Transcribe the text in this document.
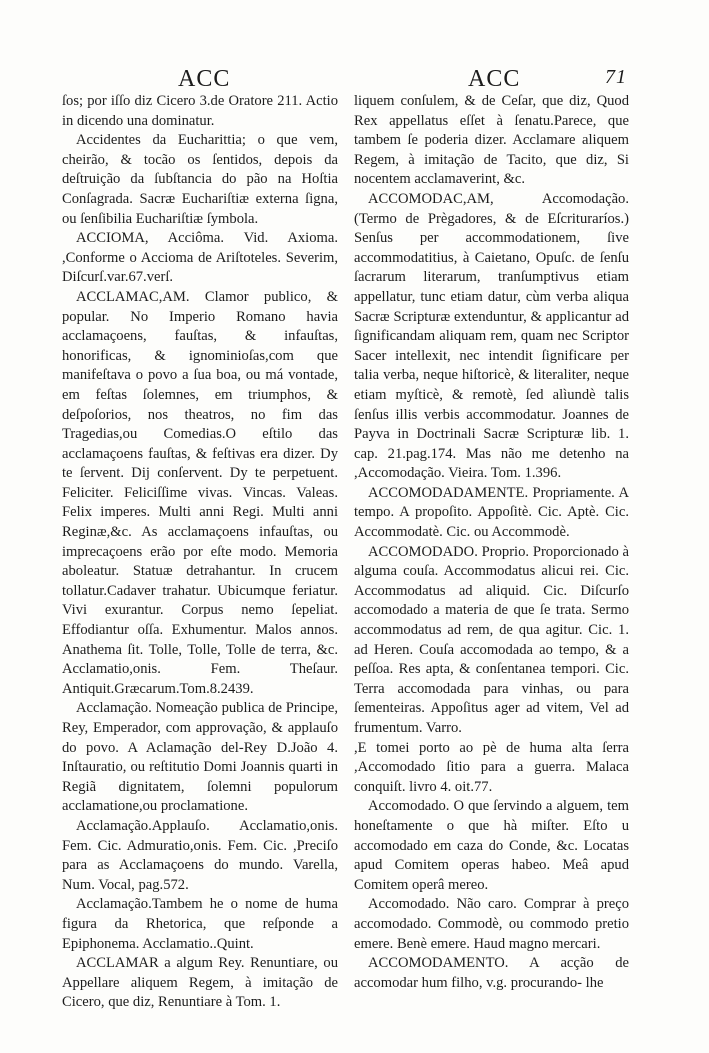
ACC	ACC	71

ſos; por iſſo diz Cicero 3.de Oratore 211. Actio in dicendo una dominatur.

Accidentes da Eucharittia; o que vem, cheirão, & tocão os ſentidos, depois da deſtruição da ſubſtancia do pão na Hoſtia Conſagrada. Sacræ Euchariſtiæ externa ſigna, ou ſenſibilia Euchariſtiæ ſymbola.

ACCIOMA, Acciôma. Vid. Axioma. ,Conforme o Accioma de Ariſtoteles. Severim, Diſcurſ.var.67.verſ.

ACCLAMAC,AM. Clamor publico, & popular. No Imperio Romano havia acclamaçoens, fauſtas, & infauſtas, honorificas, & ignominioſas,com que manifeſtava o povo a ſua boa, ou má vontade, em feſtas ſolemnes, em triumphos, & deſpoſorios, nos theatros, no fim das Tragedias,ou Comedias.O eſtilo das acclamaçoens fauſtas, & feſtivas era dizer. Dy te ſervent. Dij conſervent. Dy te perpetuent. Feliciter. Feliciſſime vivas. Vincas. Valeas. Felix imperes. Multi anni Regi. Multi anni Reginæ,&c. As acclamaçoens infauſtas, ou imprecaçoens erão por eſte modo. Memoria aboleatur. Statuæ detrahantur. In crucem tollatur.Cadaver trahatur. Ubicumque feriatur. Vivi exurantur. Corpus nemo ſepeliat. Effodiantur oſſa. Exhumentur. Malos annos. Anathema ſit. Tolle, Tolle, Tolle de terra, &c. Acclamatio,onis. Fem. Theſaur. Antiquit.Græcarum.Tom.8.2439.

Acclamação. Nomeação publica de Principe, Rey, Emperador, com approvação, & applauſo do povo. A Aclamação del-Rey D.João 4. Inſtauratio, ou reſtitutio Domi Joannis quarti in Regiã dignitatem, ſolemni populorum acclamatione,ou proclamatione.

Acclamação.Applauſo. Acclamatio,onis. Fem. Cic. Admuratio,onis. Fem. Cic. ,Preciſo para as Acclamaçoens do mundo. Varella, Num. Vocal, pag.572.

Acclamação.Tambem he o nome de huma figura da Rhetorica, que reſponde a Epiphonema. Acclamatio..Quint.

ACCLAMAR a algum Rey. Renuntiare, ou Appellare aliquem Regem, à imitação de Cicero, que diz, Renuntiare à Tom. 1.

liquem conſulem, & de Ceſar, que diz, Quod Rex appellatus eſſet à ſenatu.Parece, que tambem ſe poderia dizer. Acclamare aliquem Regem, à imitação de Tacito, que diz, Si nocentem acclamaverint, &c.

ACCOMODAC,AM, Accomodação. (Termo de Prègadores, & de Eſcrituraríos.) Senſus per accommodationem, ſive accommodatitius, à Caietano, Opuſc. de ſenſu ſacrarum literarum, tranſumptivus etiam appellatur, tunc etiam datur, cùm verba aliqua Sacræ Scripturæ extenduntur, & applicantur ad ſignificandam aliquam rem, quam nec Scriptor Sacer intellexit, nec intendit ſignificare per talia verba, neque hiſtoricè, & literaliter, neque etiam myſticè, & remotè, ſed alìundè talis ſenſus illis verbis accommodatur. Joannes de Payva in Doctrinali Sacræ Scripturæ lib. 1. cap. 21.pag.174. Mas não me detenho na ,Accomodação. Vieira. Tom. 1.396.

ACCOMODADAMENTE. Propriamente. A tempo. A propoſito. Appoſitè. Cic. Aptè. Cic. Accommodatè. Cic. ou Accommodè.

ACCOMODADO. Proprio. Proporcionado à alguma couſa. Accommodatus alicui rei. Cic. Accommodatus ad aliquid. Cic. Diſcurſo accomodado a materia de que ſe trata. Sermo accommodatus ad rem, de qua agitur. Cic. 1. ad Heren. Couſa accomodada ao tempo, & a peſſoa. Res apta, & conſentanea tempori. Cic. Terra accomodada para vinhas, ou para ſementeiras. Appoſitus ager ad vitem, Vel ad frumentum. Varro.

,E tomei porto ao pè de huma alta ſerra ,Accomodado ſitio para a guerra. Malaca conquiſt. livro 4. oit.77.

Accomodado. O que ſervindo a alguem, tem honeſtamente o que hà miſter. Eſto u accomodado em caza do Conde, &c. Locatas apud Comitem operas habeo. Meâ apud Comitem operâ mereo.

Accomodado. Não caro. Comprar à preço accomodado. Commodè, ou commodo pretio emere. Benè emere. Haud magno mercari.

ACCOMODAMENTO. A acção de accomodar hum filho, v.g. procurando- lhe
